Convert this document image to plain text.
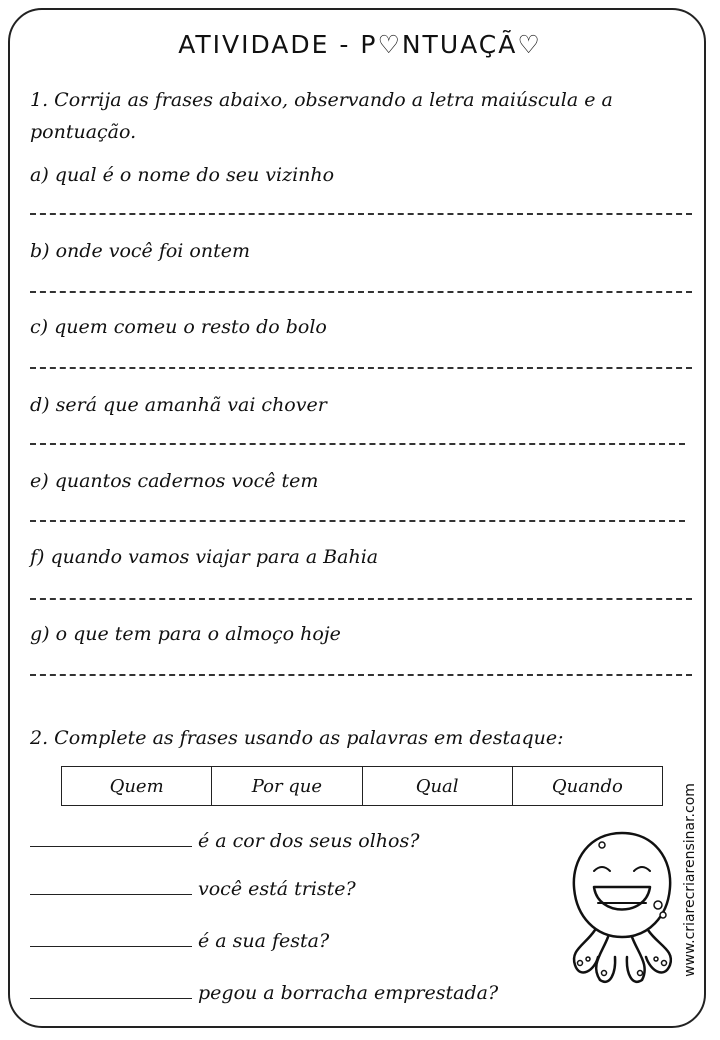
ATIVIDADE - P♡NTUAÇÃ♡
1. Corrija as frases abaixo, observando a letra maiúscula e a pontuação.
a) qual é o nome do seu vizinho
b) onde você foi ontem
c) quem comeu o resto do bolo
d) será que amanhã vai chover
e) quantos cadernos você tem
f) quando vamos viajar para a Bahia
g) o que tem para o almoço hoje
2. Complete as frases usando as palavras em destaque:
Quem	Por que	Qual	Quando
é a cor dos seus olhos?
você está triste?
é a sua festa?
pegou a borracha emprestada?
www.criarecriarensinar.com
